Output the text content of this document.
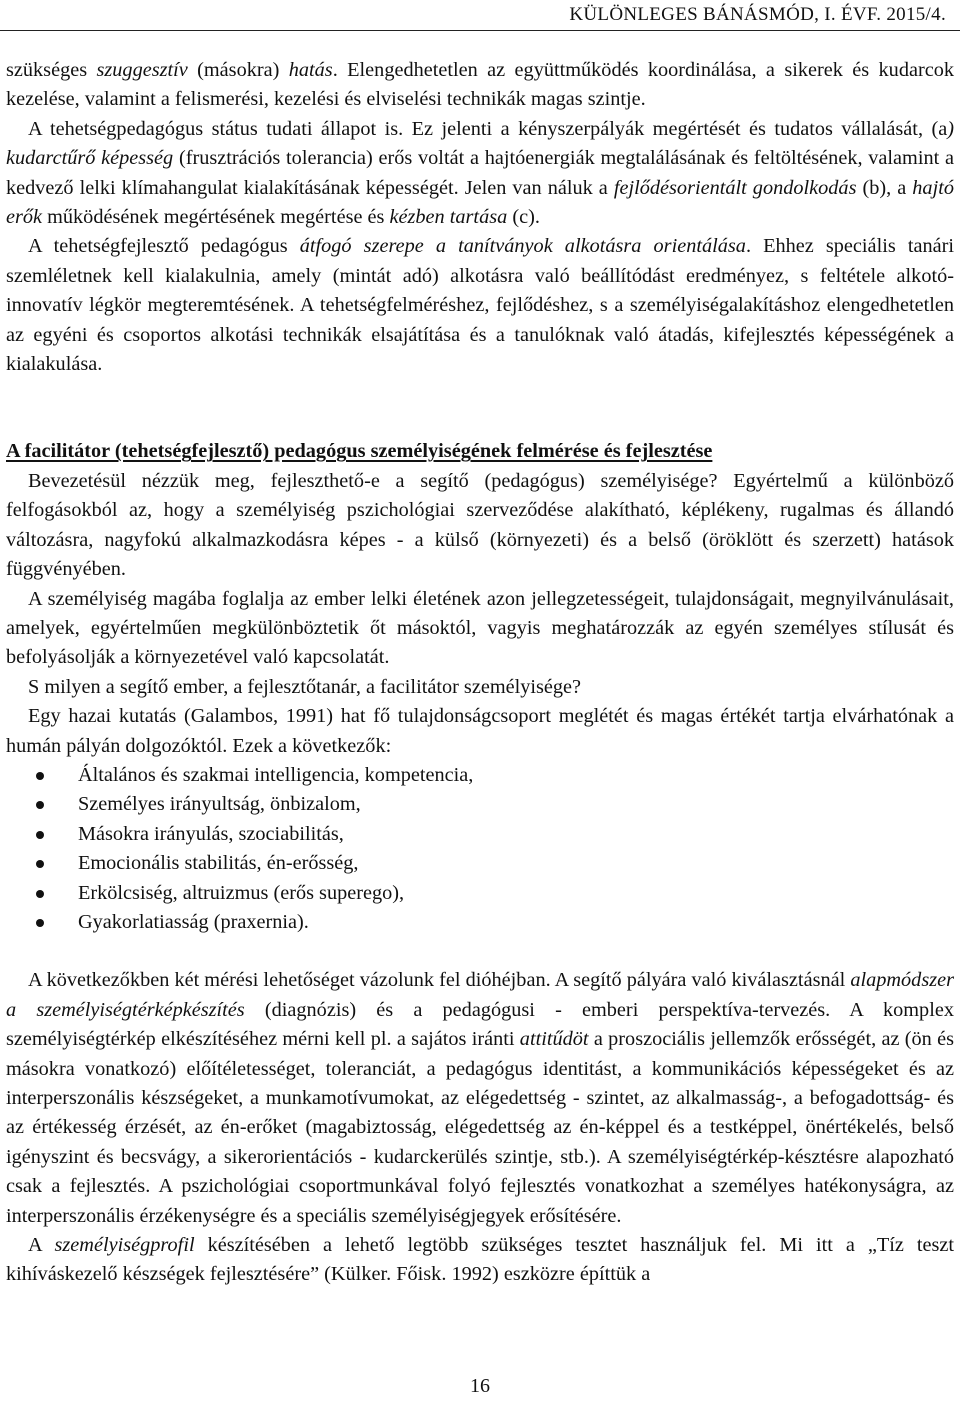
KÜLÖNLEGES BÁNÁSMÓD, I. ÉVF. 2015/4.

szükséges szuggesztív (másokra) hatás. Elengedhetetlen az együttműködés koordinálása, a sikerek és kudarcok kezelése, valamint a felismerési, kezelési és elviselési technikák magas szintje.

A tehetségpedagógus státus tudati állapot is. Ez jelenti a kényszerpályák megértését és tudatos vállalását, (a) kudarctűrő képesség (frusztrációs tolerancia) erős voltát a hajtóenergiák megtalálásának és feltöltésének, valamint a kedvező lelki klímahangulat kialakításának képességét. Jelen van náluk a fejlődésorientált gondolkodás (b), a hajtó erők működésének megértésének megértése és kézben tartása (c).

A tehetségfejlesztő pedagógus átfogó szerepe a tanítványok alkotásra orientálása. Ehhez speciális tanári szemléletnek kell kialakulnia, amely (mintát adó) alkotásra való beállítódást eredményez, s feltétele alkotó-innovatív légkör megteremtésének. A tehetségfelméréshez, fejlődéshez, s a személyiségalakításhoz elengedhetetlen az egyéni és csoportos alkotási technikák elsajátítása és a tanulóknak való átadás, kifejlesztés képességének a kialakulása.

A facilitátor (tehetségfejlesztő) pedagógus személyiségének felmérése és fejlesztése

Bevezetésül nézzük meg, fejleszthető-e a segítő (pedagógus) személyisége? Egyértelmű a különböző felfogásokból az, hogy a személyiség pszichológiai szerveződése alakítható, képlékeny, rugalmas és állandó változásra, nagyfokú alkalmazkodásra képes - a külső (környezeti) és a belső (öröklött és szerzett) hatások függvényében.

A személyiség magába foglalja az ember lelki életének azon jellegzetességeit, tulajdonságait, megnyilvánulásait, amelyek, egyértelműen megkülönböztetik őt másoktól, vagyis meghatározzák az egyén személyes stílusát és befolyásolják a környezetével való kapcsolatát.

S milyen a segítő ember, a fejlesztőtanár, a facilitátor személyisége?

Egy hazai kutatás (Galambos, 1991) hat fő tulajdonságcsoport meglétét és magas értékét tartja elvárhatónak a humán pályán dolgozóktól. Ezek a következők:

Általános és szakmai intelligencia, kompetencia,
Személyes irányultság, önbizalom,
Másokra irányulás, szociabilitás,
Emocionális stabilitás, én-erősség,
Erkölcsiség, altruizmus (erős superego),
Gyakorlatiasság (praxernia).

A következőkben két mérési lehetőséget vázolunk fel dióhéjban. A segítő pályára való kiválasztásnál alapmódszer a személyiségtérképkészítés (diagnózis) és a pedagógusi - emberi perspektíva-tervezés. A komplex személyiségtérkép elkészítéséhez mérni kell pl. a sajátos iránti attitűdöt a proszociális jellemzők erősségét, az (ön és másokra vonatkozó) előítéletességet, toleranciát, a pedagógus identitást, a kommunikációs képességeket és az interperszonális készségeket, a munkamotívumokat, az elégedettség - szintet, az alkalmasság-, a befogadottság- és az értékesség érzését, az én-erőket (magabiztosság, elégedettség az én-képpel és a testképpel, önértékelés, belső igényszint és becsvágy, a sikerorientációs - kudarckerülés szintje, stb.). A személyiségtérkép-késztésre alapozható csak a fejlesztés. A pszichológiai csoportmunkával folyó fejlesztés vonatkozhat a személyes hatékonyságra, az interperszonális érzékenységre és a speciális személyiségjegyek erősítésére.

A személyiségprofil készítésében a lehető legtöbb szükséges tesztet használjuk fel. Mi itt a „Tíz teszt kihíváskezelő készségek fejlesztésére” (Külker. Főisk. 1992) eszközre építtük a

16
